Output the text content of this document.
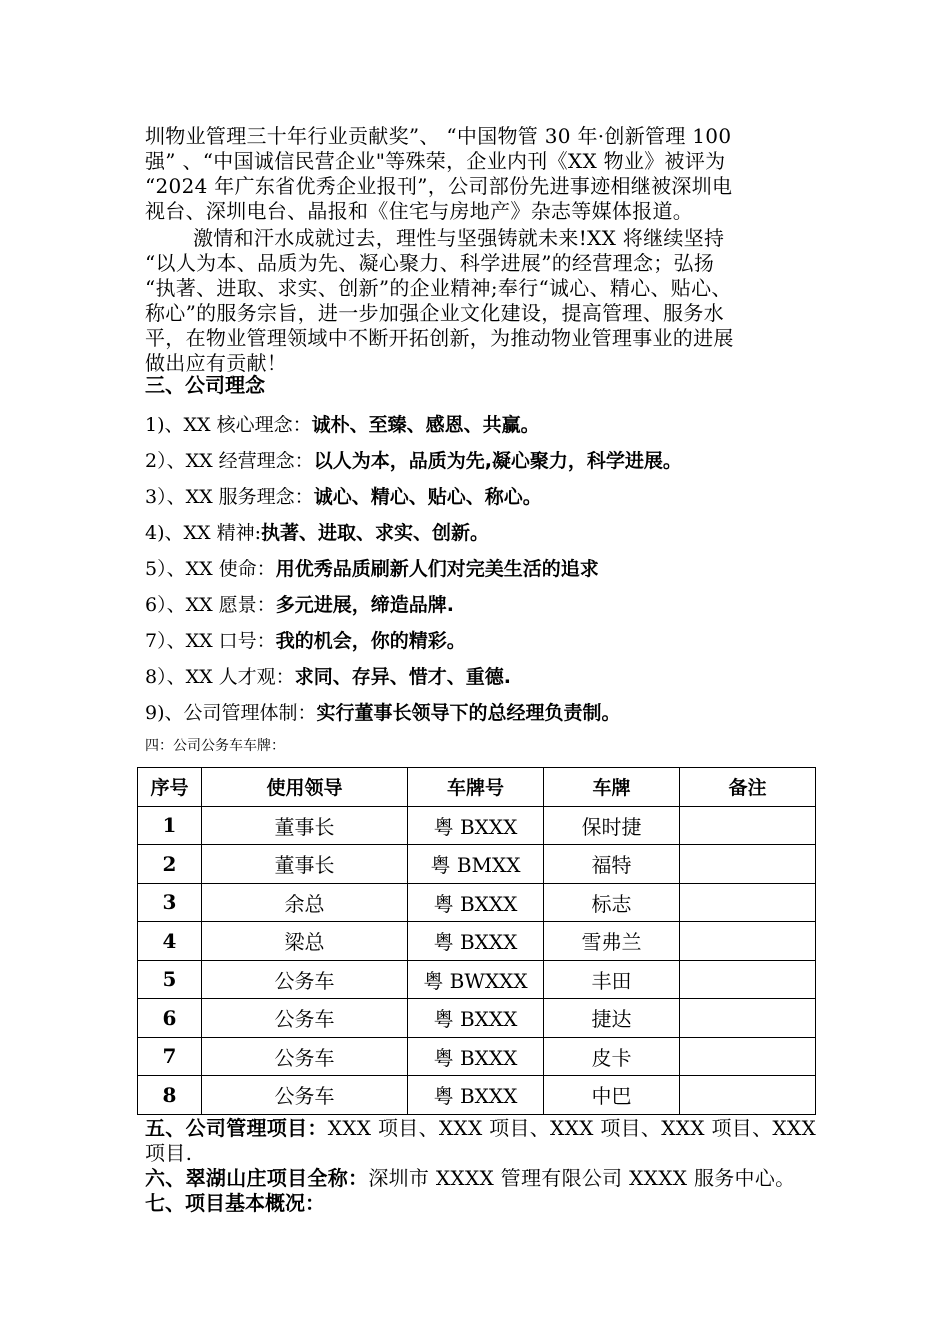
圳物业管理三十年行业贡献奖”、 “中国物管 30 年·创新管理 100
强” 、“中国诚信民营企业"等殊荣，企业内刊《XX 物业》被评为
“2024 年广东省优秀企业报刊”，公司部份先进事迹相继被深圳电
视台、深圳电台、晶报和《住宅与房地产》杂志等媒体报道。
激情和汗水成就过去，理性与坚强铸就未来!XX 将继续坚持
“以人为本、品质为先、凝心聚力、科学进展”的经营理念；弘扬
“执著、进取、求实、创新”的企业精神;奉行“诚心、精心、贴心、
称心”的服务宗旨，进一步加强企业文化建设，提高管理、服务水
平，在物业管理领域中不断开拓创新，为推动物业管理事业的进展
做出应有贡献！

三、公司理念

1)、XX 核心理念：诚朴、至臻、感恩、共赢。
2）、XX 经营理念：以人为本，品质为先,凝心聚力，科学进展。
3）、XX 服务理念：诚心、精心、贴心、称心。
4)、XX 精神:执著、进取、求实、创新。
5）、XX 使命：用优秀品质刷新人们对完美生活的追求
6）、XX 愿景：多元进展，缔造品牌.
7）、XX 口号：我的机会，你的精彩。
8）、XX 人才观：求同、存异、惜才、重德.
9)、公司管理体制：实行董事长领导下的总经理负责制。

四：公司公务车车牌：

序号	使用领导	车牌号	车牌	备注
1	董事长	粤 BXXX	保时捷	
2	董事长	粤 BMXX	福特	
3	余总	粤 BXXX	标志	
4	梁总	粤 BXXX	雪弗兰	
5	公务车	粤 BWXXX	丰田	
6	公务车	粤 BXXX	捷达	
7	公务车	粤 BXXX	皮卡	
8	公务车	粤 BXXX	中巴	
五、公司管理项目：XXX 项目、XXX 项目、XXX 项目、XXX 项目、XXX
项目.
六、翠湖山庄项目全称：深圳市 XXXX 管理有限公司 XXXX 服务中心。

七、项目基本概况：
